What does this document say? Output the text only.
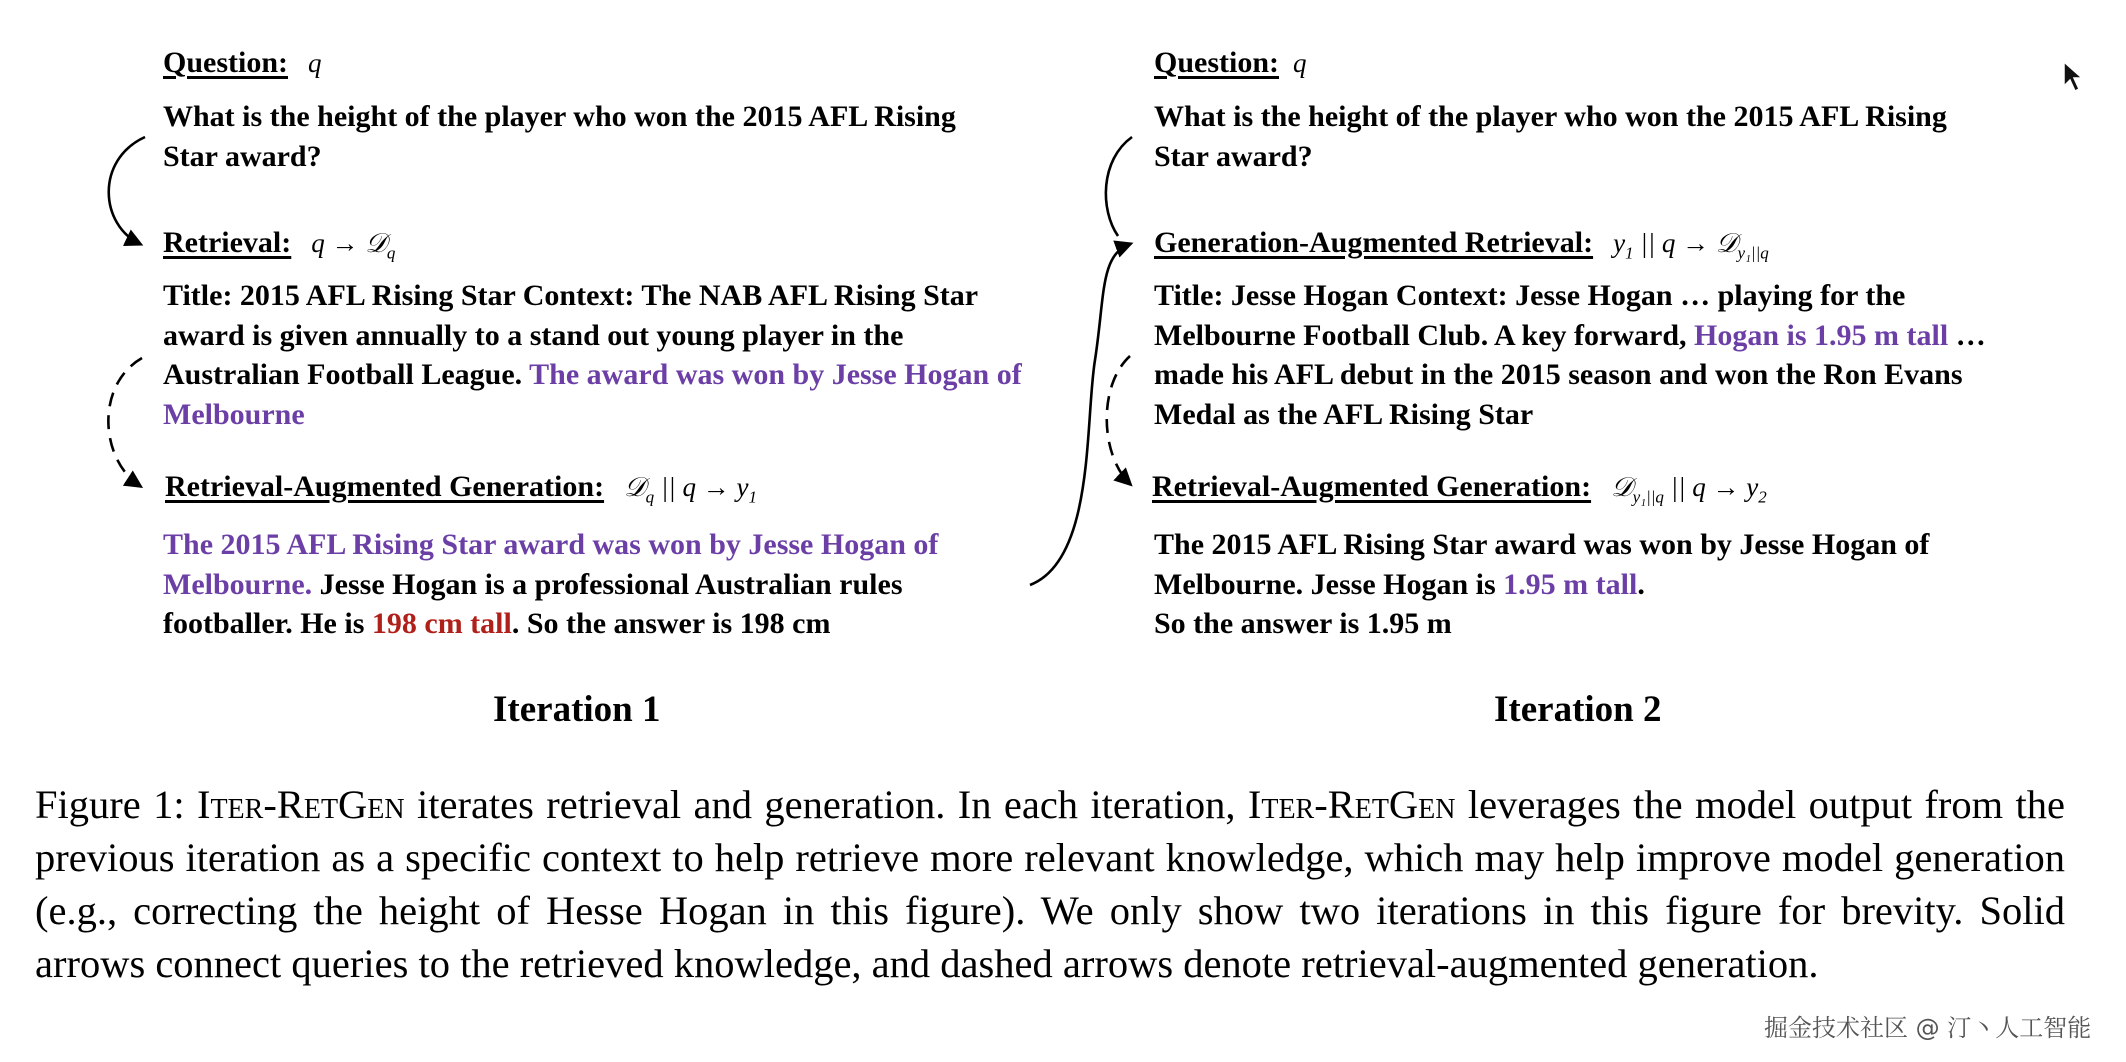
Question: q
What is the height of the player who won the 2015 AFL Rising Star award?
Retrieval: q → 𝒟$_q$
Title: 2015 AFL Rising Star Context: The NAB AFL Rising Star award is given annually to a stand out young player in the Australian Football League. The award was won by Jesse Hogan of Melbourne
Retrieval-Augmented Generation: 𝒟$_q$ || $q \to y_1$
The 2015 AFL Rising Star award was won by Jesse Hogan of Melbourne. Jesse Hogan is a professional Australian rules footballer. He is 198 cm tall. So the answer is 198 cm
Iteration 1
Question: q
What is the height of the player who won the 2015 AFL Rising Star award?
Generation-Augmented Retrieval: $y_1$ || q → 𝒟$_{y_1||q}$
Title: Jesse Hogan Context: Jesse Hogan … playing for the Melbourne Football Club. A key forward, Hogan is 1.95 m tall … made his AFL debut in the 2015 season and won the Ron Evans Medal as the AFL Rising Star
Retrieval-Augmented Generation: 𝒟$_{y_1||q}$ || $q \to y_2$
The 2015 AFL Rising Star award was won by Jesse Hogan of Melbourne. Jesse Hogan is 1.95 m tall.
So the answer is 1.95 m
Iteration 2
Figure 1: Iter-RetGen iterates retrieval and generation. In each iteration, Iter-RetGen leverages the model output from the previous iteration as a specific context to help retrieve more relevant knowledge, which may help improve model generation (e.g., correcting the height of Hesse Hogan in this figure). We only show two iterations in this figure for brevity. Solid arrows connect queries to the retrieved knowledge, and dashed arrows denote retrieval-augmented generation.
掘金技术社区 @ 汀丶人工智能
